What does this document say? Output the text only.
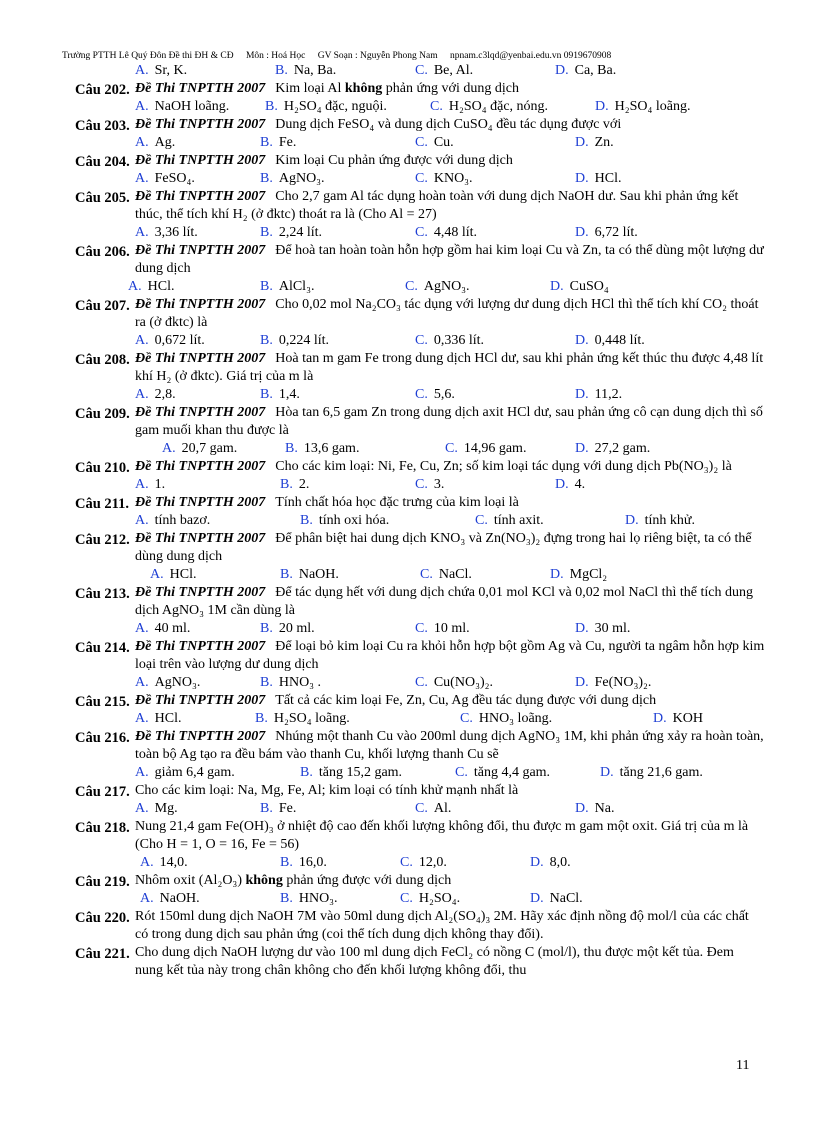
Trường PTTH Lê Quý Đôn Đề thi ĐH & CĐ Môn : Hoá Học GV Soạn : Nguyễn Phong Nam npnam.c3lqd@yenbai.edu.vn 0919670908
A. Sr, K.	B. Na, Ba.	C. Be, Al.	D. Ca, Ba.
Câu 202. Đề Thi TNPTTH 2007 Kim loại Al không phản ứng với dung dịch
A. NaOH loãng.	B. H₂SO₄ đặc, nguội.	C. H₂SO₄ đặc, nóng.	D. H₂SO₄ loãng.
Câu 203. Đề Thi TNPTTH 2007 Dung dịch FeSO₄ và dung dịch CuSO₄ đều tác dụng được với
A. Ag.	B. Fe.	C. Cu.	D. Zn.
Câu 204. Đề Thi TNPTTH 2007 Kim loại Cu phản ứng được với dung dịch
A. FeSO₄.	B. AgNO₃.	C. KNO₃.	D. HCl.
Câu 205. Đề Thi TNPTTH 2007 Cho 2,7 gam Al tác dụng hoàn toàn với dung dịch NaOH dư. Sau khi phản ứng kết thúc, thể tích khí H₂ (ở đktc) thoát ra là (Cho Al = 27)
A. 3,36 lít.	B. 2,24 lít.	C. 4,48 lít.	D. 6,72 lít.
Câu 206. Đề Thi TNPTTH 2007 Để hoà tan hoàn toàn hỗn hợp gồm hai kim loại Cu và Zn, ta có thể dùng một lượng dư dung dịch
A. HCl.	B. AlCl₃.	C. AgNO₃.	D. CuSO₄
Câu 207. Đề Thi TNPTTH 2007 Cho 0,02 mol Na₂CO₃ tác dụng với lượng dư dung dịch HCl thì thể tích khí CO₂ thoát ra (ở đktc) là
A. 0,672 lít.	B. 0,224 lít.	C. 0,336 lít.	D. 0,448 lít.
Câu 208. Đề Thi TNPTTH 2007 Hoà tan m gam Fe trong dung dịch HCl dư, sau khi phản ứng kết thúc thu được 4,48 lít khí H₂ (ở đktc). Giá trị của m là
A. 2,8.	B. 1,4.	C. 5,6.	D. 11,2.
Câu 209. Đề Thi TNPTTH 2007 Hòa tan 6,5 gam Zn trong dung dịch axit HCl dư, sau phản ứng cô cạn dung dịch thì số gam muối khan thu được là
A. 20,7 gam.	B. 13,6 gam.	C. 14,96 gam.	D. 27,2 gam.
Câu 210. Đề Thi TNPTTH 2007 Cho các kim loại: Ni, Fe, Cu, Zn; số kim loại tác dụng với dung dịch Pb(NO₃)₂ là
A. 1.	B. 2.	C. 3.	D. 4.
Câu 211. Đề Thi TNPTTH 2007 Tính chất hóa học đặc trưng của kim loại là
A. tính bazơ.	B. tính oxi hóa.	C. tính axit.	D. tính khử.
Câu 212. Đề Thi TNPTTH 2007 Để phân biệt hai dung dịch KNO₃ và Zn(NO₃)₂ đựng trong hai lọ riêng biệt, ta có thể dùng dung dịch
A. HCl.	B. NaOH.	C. NaCl.	D. MgCl₂
Câu 213. Đề Thi TNPTTH 2007 Để tác dụng hết với dung dịch chứa 0,01 mol KCl và 0,02 mol NaCl thì thể tích dung dịch AgNO₃ 1M cần dùng là
A. 40 ml.	B. 20 ml.	C. 10 ml.	D. 30 ml.
Câu 214. Đề Thi TNPTTH 2007 Để loại bỏ kim loại Cu ra khỏi hỗn hợp bột gồm Ag và Cu, người ta ngâm hỗn hợp kim loại trên vào lượng dư dung dịch
A. AgNO₃.	B. HNO₃ .	C. Cu(NO₃)₂.	D. Fe(NO₃)₂.
Câu 215. Đề Thi TNPTTH 2007 Tất cả các kim loại Fe, Zn, Cu, Ag đều tác dụng được với dung dịch
A. HCl.	B. H₂SO₄ loãng.	C. HNO₃ loãng.	D. KOH
Câu 216. Đề Thi TNPTTH 2007 Nhúng một thanh Cu vào 200ml dung dịch AgNO₃ 1M, khi phản ứng xảy ra hoàn toàn, toàn bộ Ag tạo ra đều bám vào thanh Cu, khối lượng thanh Cu sẽ
A. giảm 6,4 gam.	B. tăng 15,2 gam.	C. tăng 4,4 gam.	D. tăng 21,6 gam.
Câu 217. Cho các kim loại: Na, Mg, Fe, Al; kim loại có tính khử mạnh nhất là
A. Mg.	B. Fe.	C. Al.	D. Na.
Câu 218. Nung 21,4 gam Fe(OH)₃ ở nhiệt độ cao đến khối lượng không đổi, thu được m gam một oxit. Giá trị của m là (Cho H = 1, O = 16, Fe = 56)
A. 14,0.	B. 16,0.	C. 12,0.	D. 8,0.
Câu 219. Nhôm oxit (Al₂O₃) không phản ứng được với dung dịch
A. NaOH.	B. HNO₃.	C. H₂SO₄.	D. NaCl.
Câu 220. Rót 150ml dung dịch NaOH 7M vào 50ml dung dịch Al₂(SO₄)₃ 2M. Hãy xác định nồng độ mol/l của các chất có trong dung dịch sau phản ứng (coi thể tích dung dịch không thay đổi).
Câu 221. Cho dung dịch NaOH lượng dư vào 100 ml dung dịch FeCl₂ có nồng C (mol/l), thu được một kết tủa. Đem nung kết tủa này trong chân không cho đến khối lượng không đổi, thu
11
